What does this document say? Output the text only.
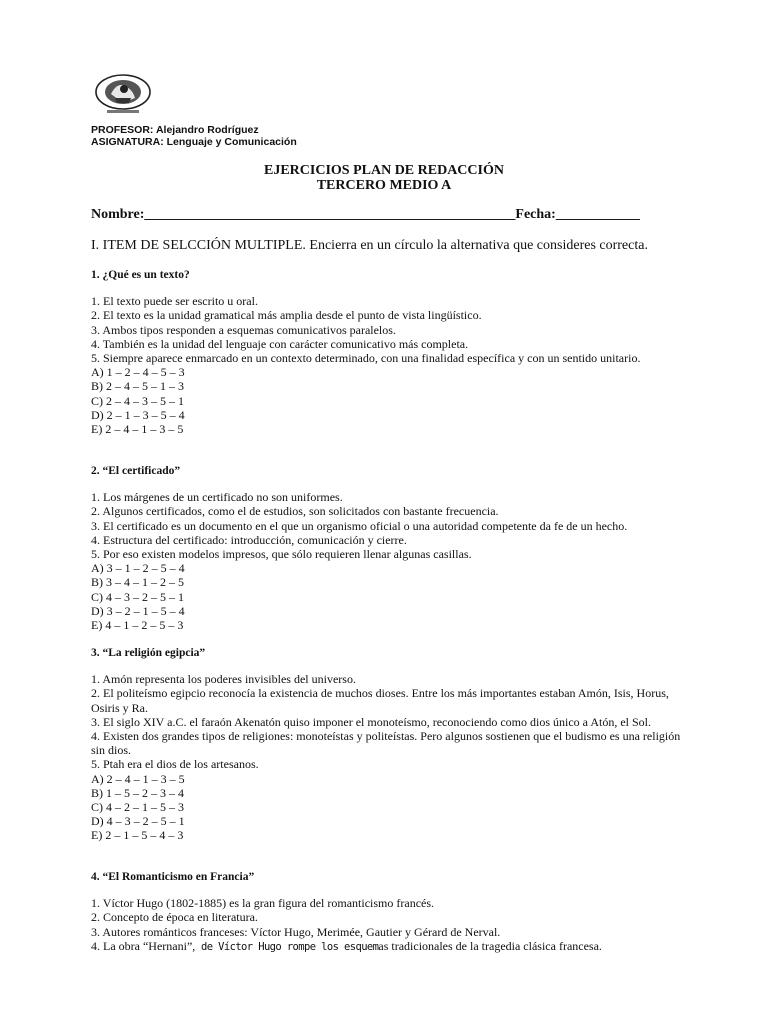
PROFESOR: Alejandro Rodríguez
ASIGNATURA: Lenguaje y Comunicación
EJERCICIOS PLAN DE REDACCIÓN
TERCERO MEDIO A
Nombre:_____________________________________________________Fecha:____________
I. ITEM DE SELCCIÓN MULTIPLE. Encierra en un círculo la alternativa que consideres correcta.
1. ¿Qué es un texto?

1. El texto puede ser escrito u oral.

2. El texto es la unidad gramatical más amplia desde el punto de vista lingüístico.

3. Ambos tipos responden a esquemas comunicativos paralelos.

4. También es la unidad del lenguaje con carácter comunicativo más completa.

5. Siempre aparece enmarcado en un contexto determinado, con una finalidad específica y con un sentido unitario.

A) 1 – 2 – 4 – 5 – 3

B) 2 – 4 – 5 – 1 – 3

C) 2 – 4 – 3 – 5 – 1

D) 2 – 1 – 3 – 5 – 4

E) 2 – 4 – 1 – 3 – 5

2. “El certificado”

1. Los márgenes de un certificado no son uniformes.

2. Algunos certificados, como el de estudios, son solicitados con bastante frecuencia.

3. El certificado es un documento en el que un organismo oficial o una autoridad competente da fe de un hecho.

4. Estructura del certificado: introducción, comunicación y cierre.

5. Por eso existen modelos impresos, que sólo requieren llenar algunas casillas.

A) 3 – 1 – 2 – 5 – 4

B) 3 – 4 – 1 – 2 – 5

C) 4 – 3 – 2 – 5 – 1

D) 3 – 2 – 1 – 5 – 4

E) 4 – 1 – 2 – 5 – 3

3. “La religión egipcia”

1. Amón representa los poderes invisibles del universo.

2. El politeísmo egipcio reconocía la existencia de muchos dioses. Entre los más importantes estaban Amón, Isis, Horus, Osiris y Ra.

3. El siglo XIV a.C. el faraón Akenatón quiso imponer el monoteísmo, reconociendo como dios único a Atón, el Sol.

4. Existen dos grandes tipos de religiones: monoteístas y politeístas. Pero algunos sostienen que el budismo es una religión sin dios.

5. Ptah era el dios de los artesanos.

A) 2 – 4 – 1 – 3 – 5

B) 1 – 5 – 2 – 3 – 4

C) 4 – 2 – 1 – 5 – 3

D) 4 – 3 – 2 – 5 – 1

E) 2 – 1 – 5 – 4 – 3

4. “El Romanticismo en Francia”

1. Víctor Hugo (1802-1885) es la gran figura del romanticismo francés.

2. Concepto de época en literatura.

3. Autores románticos franceses: Víctor Hugo, Merimée, Gautier y Gérard de Nerval.

4. La obra “Hernani”, de Víctor Hugo rompe los esquemas tradicionales de la tragedia clásica francesa.
